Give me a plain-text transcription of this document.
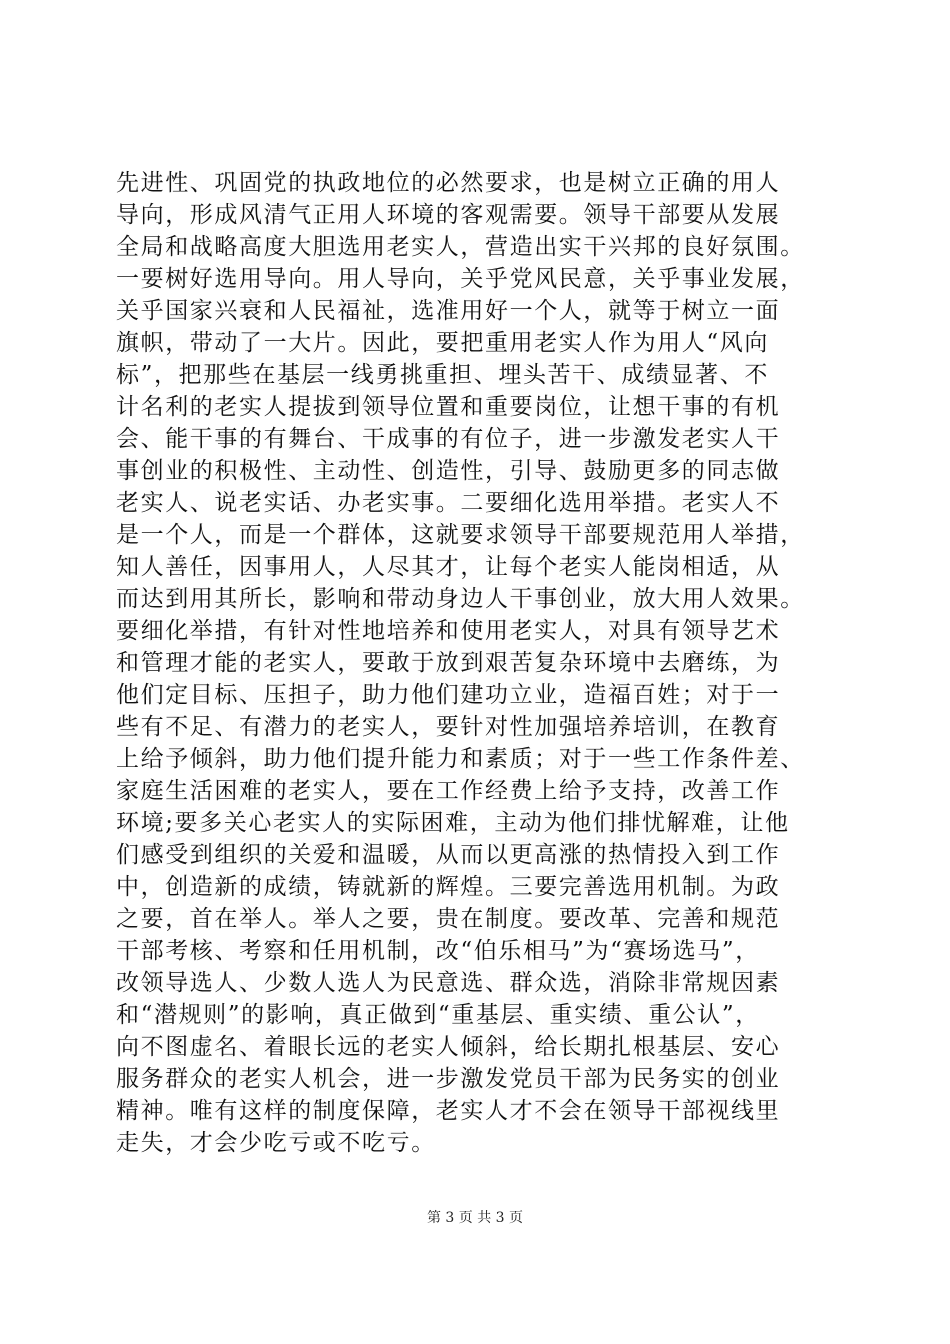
先进性、巩固党的执政地位的必然要求，也是树立正确的用人
导向，形成风清气正用人环境的客观需要。领导干部要从发展
全局和战略高度大胆选用老实人，营造出实干兴邦的良好氛围。
一要树好选用导向。用人导向，关乎党风民意，关乎事业发展，
关乎国家兴衰和人民福祉，选准用好一个人，就等于树立一面
旗帜，带动了一大片。因此，要把重用老实人作为用人“风向
标”，把那些在基层一线勇挑重担、埋头苦干、成绩显著、不
计名利的老实人提拔到领导位置和重要岗位，让想干事的有机
会、能干事的有舞台、干成事的有位子，进一步激发老实人干
事创业的积极性、主动性、创造性，引导、鼓励更多的同志做
老实人、说老实话、办老实事。二要细化选用举措。老实人不
是一个人，而是一个群体，这就要求领导干部要规范用人举措，
知人善任，因事用人，人尽其才，让每个老实人能岗相适，从
而达到用其所长，影响和带动身边人干事创业，放大用人效果。
要细化举措，有针对性地培养和使用老实人，对具有领导艺术
和管理才能的老实人，要敢于放到艰苦复杂环境中去磨练，为
他们定目标、压担子，助力他们建功立业，造福百姓；对于一
些有不足、有潜力的老实人，要针对性加强培养培训，在教育
上给予倾斜，助力他们提升能力和素质；对于一些工作条件差、
家庭生活困难的老实人，要在工作经费上给予支持，改善工作
环境;要多关心老实人的实际困难，主动为他们排忧解难，让他
们感受到组织的关爱和温暖，从而以更高涨的热情投入到工作
中，创造新的成绩，铸就新的辉煌。三要完善选用机制。为政
之要，首在举人。举人之要，贵在制度。要改革、完善和规范
干部考核、考察和任用机制，改“伯乐相马”为“赛场选马”，
改领导选人、少数人选人为民意选、群众选，消除非常规因素
和“潜规则”的影响，真正做到“重基层、重实绩、重公认”，
向不图虚名、着眼长远的老实人倾斜，给长期扎根基层、安心
服务群众的老实人机会，进一步激发党员干部为民务实的创业
精神。唯有这样的制度保障，老实人才不会在领导干部视线里
走失，才会少吃亏或不吃亏。
第 3 页 共 3 页
